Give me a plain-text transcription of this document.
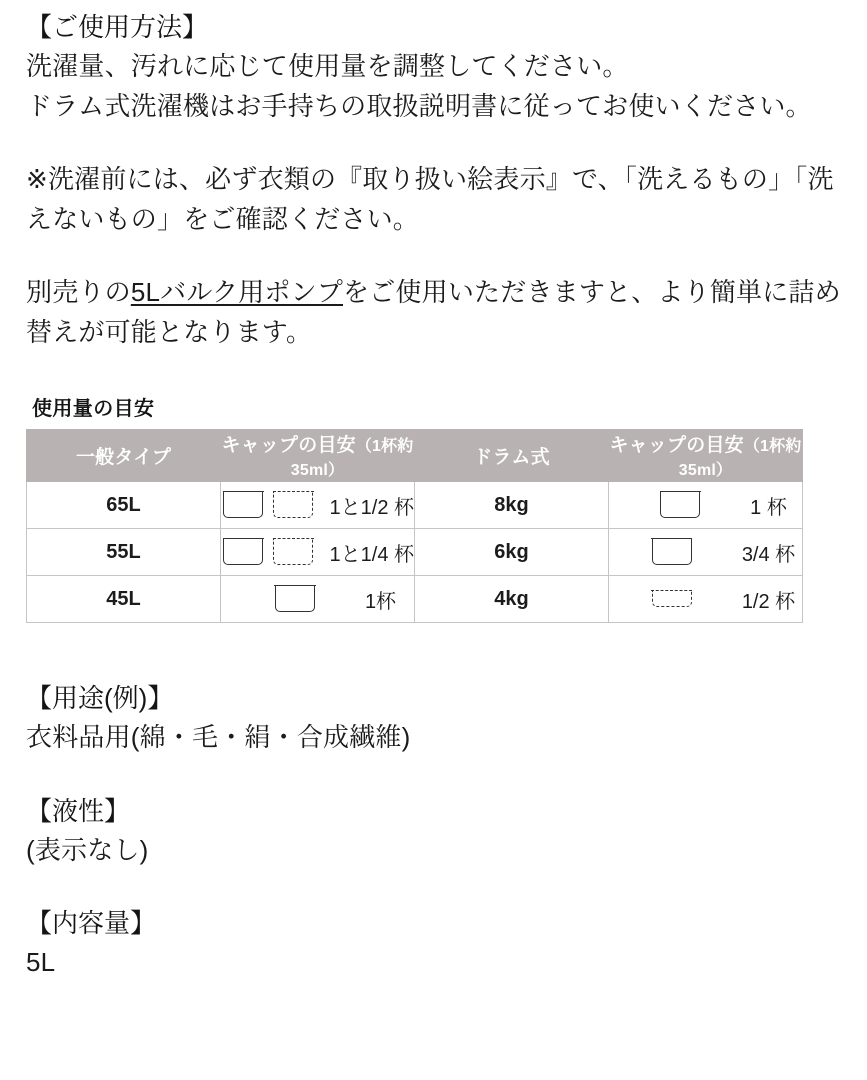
【ご使用方法】

洗濯量、汚れに応じて使用量を調整してください。

ドラム式洗濯機はお手持ちの取扱説明書に従ってお使いください。

※洗濯前には、必ず衣類の『取り扱い絵表示』で、「洗えるもの」「洗えないもの」をご確認ください。

別売りの5Lバルク用ポンプをご使用いただきますと、より簡単に詰め替えが可能となります。

使用量の目安
一般タイプ	キャップの目安（1杯約35ml）	ドラム式	キャップの目安（1杯約35ml）
65L	1と1/2 杯	8kg	1 杯

55L	1と1/4 杯	6kg	3/4 杯

45L	1杯	4kg	1/2 杯

【用途(例)】

衣料品用(綿・毛・絹・合成繊維)

【液性】

(表示なし)

【内容量】

5L
